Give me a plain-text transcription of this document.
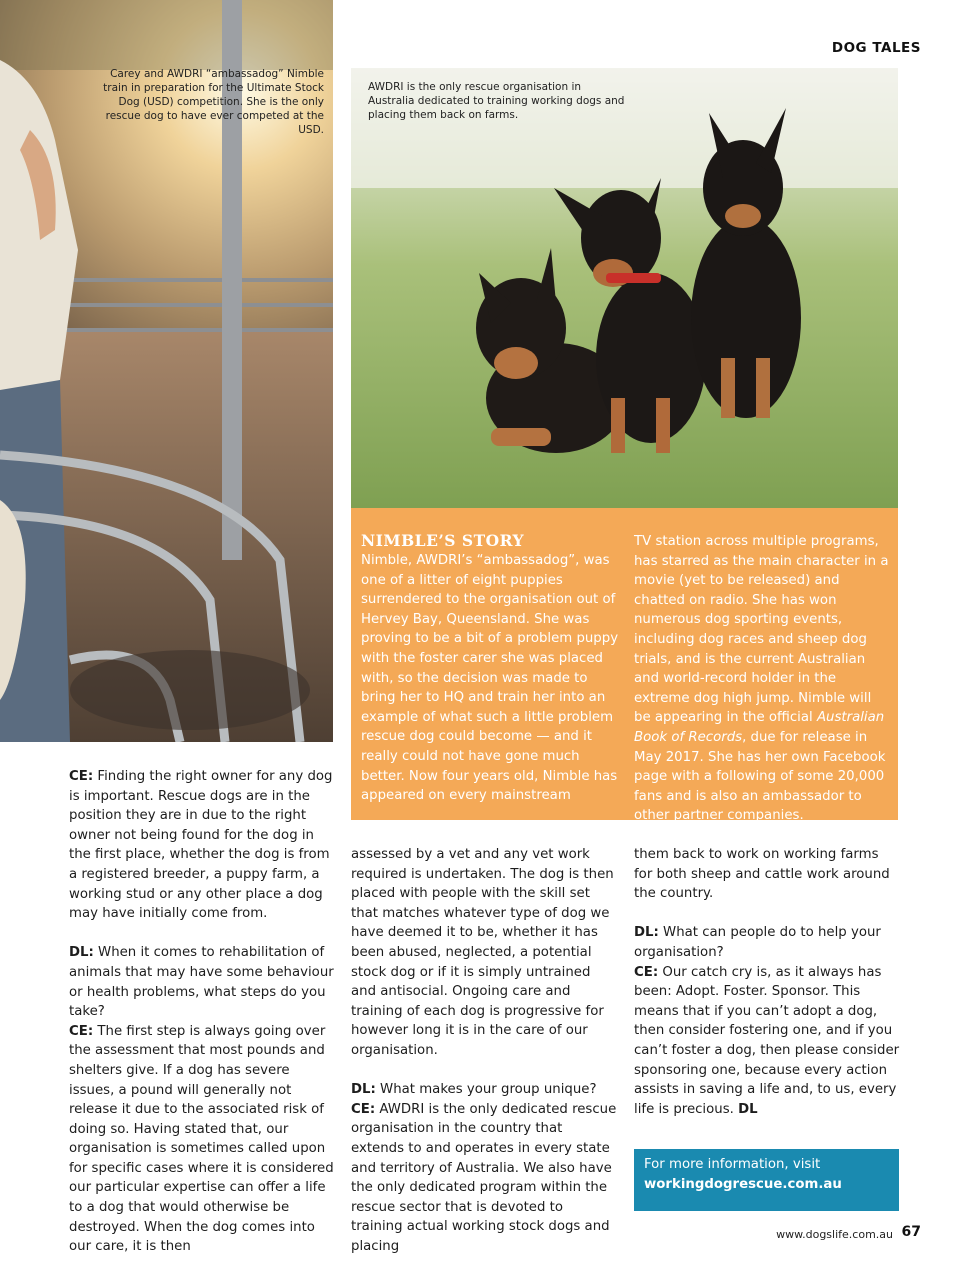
DOG TALES
Carey and AWDRI “ambassadog” Nimble train in preparation for the Ultimate Stock Dog (USD) competition. She is the only rescue dog to have ever competed at the USD.
AWDRI is the only rescue organisation in Australia dedicated to training working dogs and placing them back on farms.
NIMBLE’S STORY
Nimble, AWDRI’s “ambassadog”, was one of a litter of eight puppies surrendered to the organisation out of Hervey Bay, Queensland. She was proving to be a bit of a problem puppy with the foster carer she was placed with, so the decision was made to bring her to HQ and train her into an example of what such a little problem rescue dog could become — and it really could not have gone much better. Now four years old, Nimble has appeared on every mainstream
TV station across multiple programs, has starred as the main character in a movie (yet to be released) and chatted on radio. She has won numerous dog sporting events, including dog races and sheep dog trials, and is the current Australian and world-record holder in the extreme dog high jump. Nimble will be appearing in the official Australian Book of Records, due for release in May 2017. She has her own Facebook page with a following of some 20,000 fans and is also an ambassador to other partner companies.

CE: Finding the right owner for any dog is important. Rescue dogs are in the position they are in due to the right owner not being found for the dog in the first place, whether the dog is from a registered breeder, a puppy farm, a working stud or any other place a dog may have initially come from.

DL: When it comes to rehabilitation of animals that may have some behaviour or health problems, what steps do you take?

CE: The first step is always going over the assessment that most pounds and shelters give. If a dog has severe issues, a pound will generally not release it due to the associated risk of doing so. Having stated that, our organisation is sometimes called upon for specific cases where it is considered our particular expertise can offer a life to a dog that would otherwise be destroyed. When the dog comes into our care, it is then

assessed by a vet and any vet work required is undertaken. The dog is then placed with people with the skill set that matches whatever type of dog we have deemed it to be, whether it has been abused, neglected, a potential stock dog or if it is simply untrained and antisocial. Ongoing care and training of each dog is progressive for however long it is in the care of our organisation.

DL: What makes your group unique?

CE: AWDRI is the only dedicated rescue organisation in the country that extends to and operates in every state and territory of Australia. We also have the only dedicated program within the rescue sector that is devoted to training actual working stock dogs and placing

them back to work on working farms for both sheep and cattle work around the country.

DL: What can people do to help your organisation?

CE: Our catch cry is, as it always has been: Adopt. Foster. Sponsor. This means that if you can’t adopt a dog, then consider fostering one, and if you can’t foster a dog, then please consider sponsoring one, because every action assists in saving a life and, to us, every life is precious. DL

For more information, visit
workingdogrescue.com.au
www.dogslife.com.au 67
